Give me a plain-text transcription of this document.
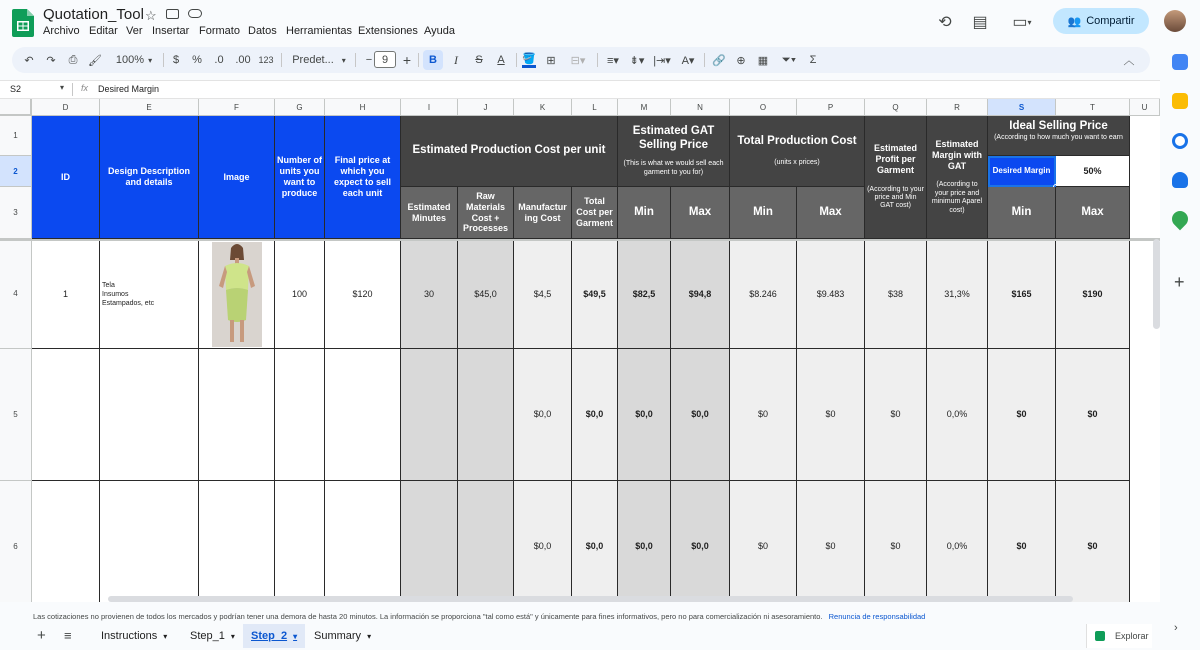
Quotation_Tool ☆
Archivo Editar Ver Insertar Formato Datos Herramientas Extensiones Ayuda	⟲ ▤ ▭ ▾	👥 Compartir
↶	↷	⎙ 🖌 100% ▾	$	%	.0	.00 123 Predet... ▾	− 9	+	B	I	S	A	🪣 ⊞	⊟▾	≡▾ ⇟▾ |⇥▾ A▾	🔗 ⊕	▦	⏷▾	Σ	︿
S2	▾ fx Desired Margin
D	E	F	G	H	I	J	K	L	M	N	O	P	Q	R	S	T	U
1
2
3
4
5
6
ID
Design Description and details
Image
Number of units you want to produce
Final price at which you expect to sell each unit
Estimated Production Cost per unit
Estimated Minutes
Raw Materials Cost + Processes
Manufactur ing Cost
Total Cost per Garment
Estimated GAT Selling Price
(This is what we would sell each garment to you for)
Min	Max
Total Production Cost
(units x prices)
Min	Max
Estimated Profit per Garment
(According to your price and Min GAT cost)
Estimated Margin with GAT
(According to your price and minimum Aparel cost)
Ideal Selling Price
(According to how much you want to earn
Desired Margin	50%
Min	Max
1
Tela
Insumos
Estampados, etc
100	$120	30	$45,0	$4,5	$49,5	$82,5	$94,8	$8.246	$9.483	$38	31,3%	$165	$190
$0,0	$0,0	$0,0	$0,0	$0	$0	$0	0,0%	$0	$0
$0,0	$0,0	$0,0	$0,0	$0	$0	$0	0,0%	$0	$0
+
›
Las cotizaciones no provienen de todos los mercados y podrían tener una demora de hasta 20 minutos. La información se proporciona "tal como está" y únicamente para fines informativos, pero no para comercialización ni asesoramiento. Renuncia de responsabilidad
+ ≡	Instructions ▾ Step_1 ▾ Step_2 ▾ Summary ▾	Explorar
